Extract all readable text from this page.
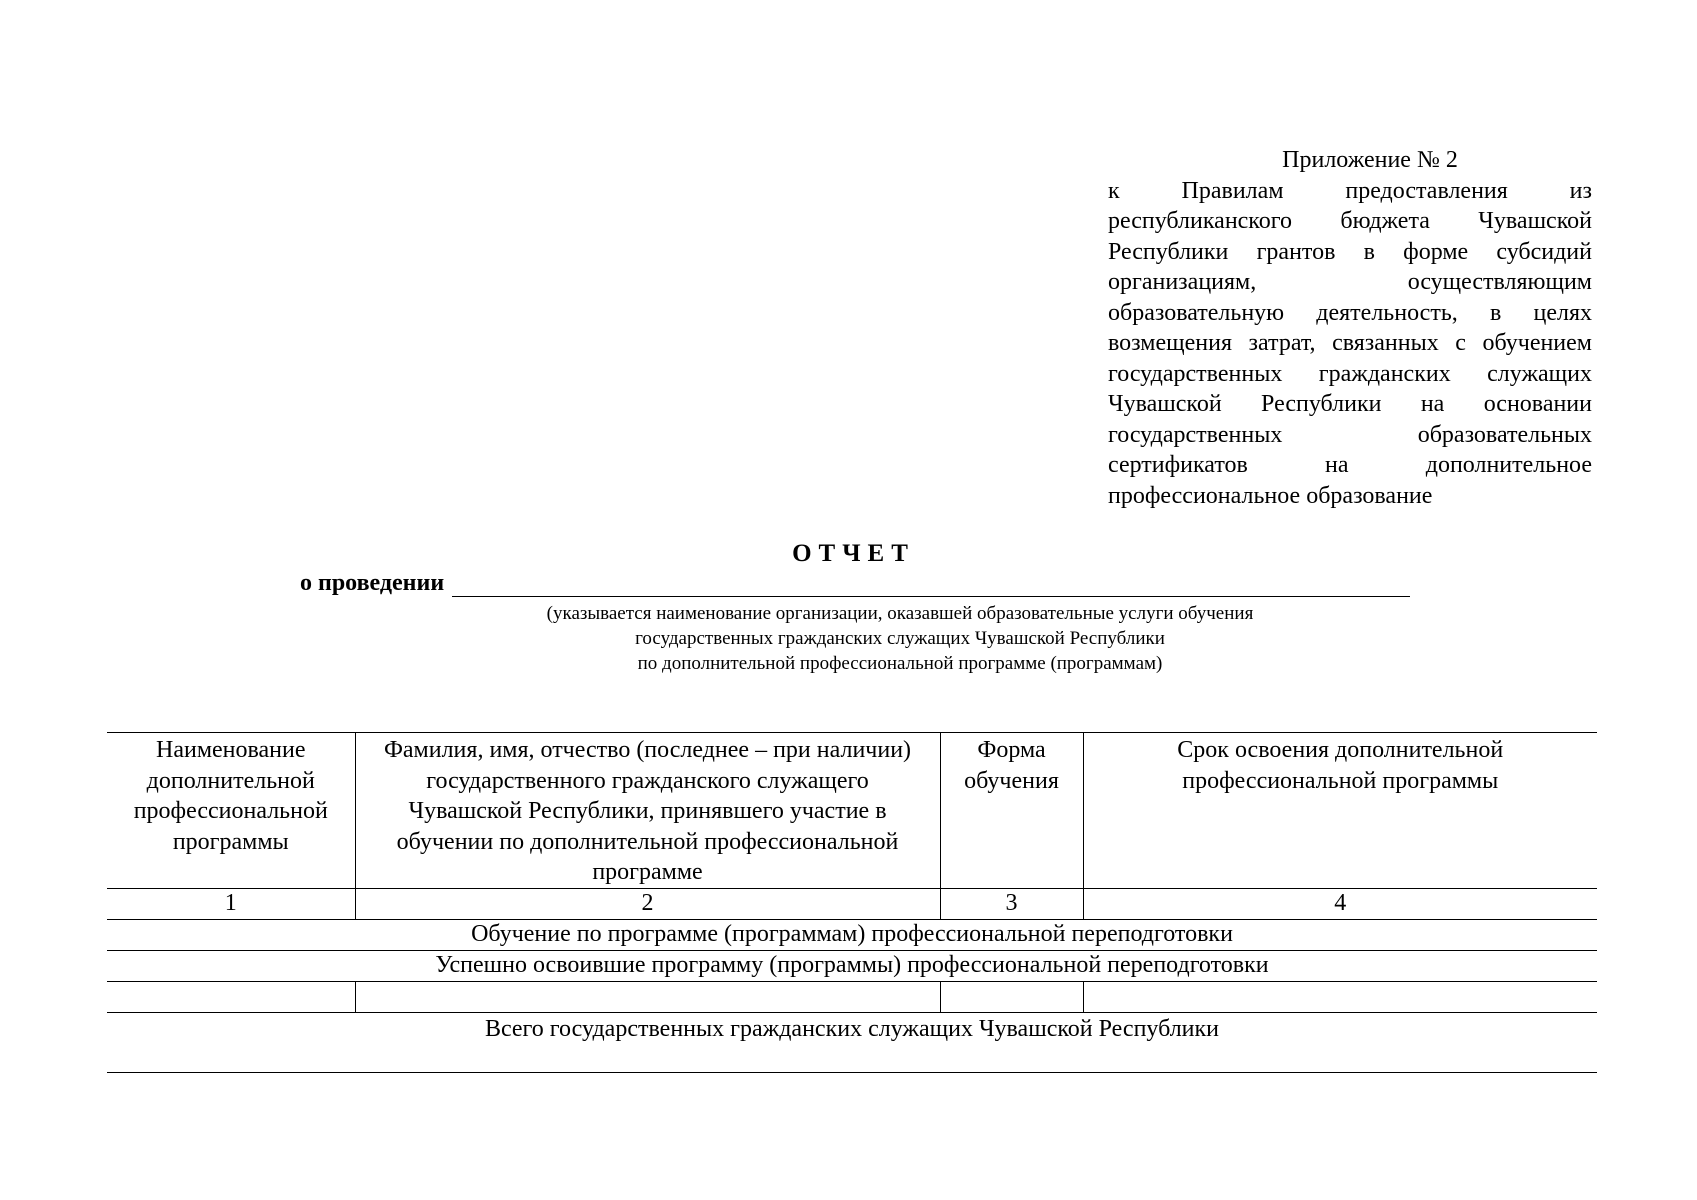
Приложение № 2
к Правилам предоставления из республиканского бюджета Чувашской Республики грантов в форме субсидий организациям, осуществляющим образовательную деятельность, в целях возмещения затрат, связанных с обучением государственных гражданских служащих Чувашской Республики на основании государственных образовательных сертификатов на дополнительное профессиональное образование
ОТЧЕТ
о проведении
(указывается наименование организации, оказавшей образовательные услуги обучения
государственных гражданских служащих Чувашской Республики
по дополнительной профессиональной программе (программам)
Наименование дополнительной профессиональной программы	Фамилия, имя, отчество (последнее – при наличии) государственного гражданского служащего Чувашской Республики, принявшего участие в обучении по дополнительной профессиональной программе	Форма обучения	Срок освоения дополнительной профессиональной программы
1	2	3	4
Обучение по программе (программам) профессиональной переподготовки			
Успешно освоившие программу (программы) профессиональной переподготовки			

Всего государственных гражданских служащих Чувашской Республики			
